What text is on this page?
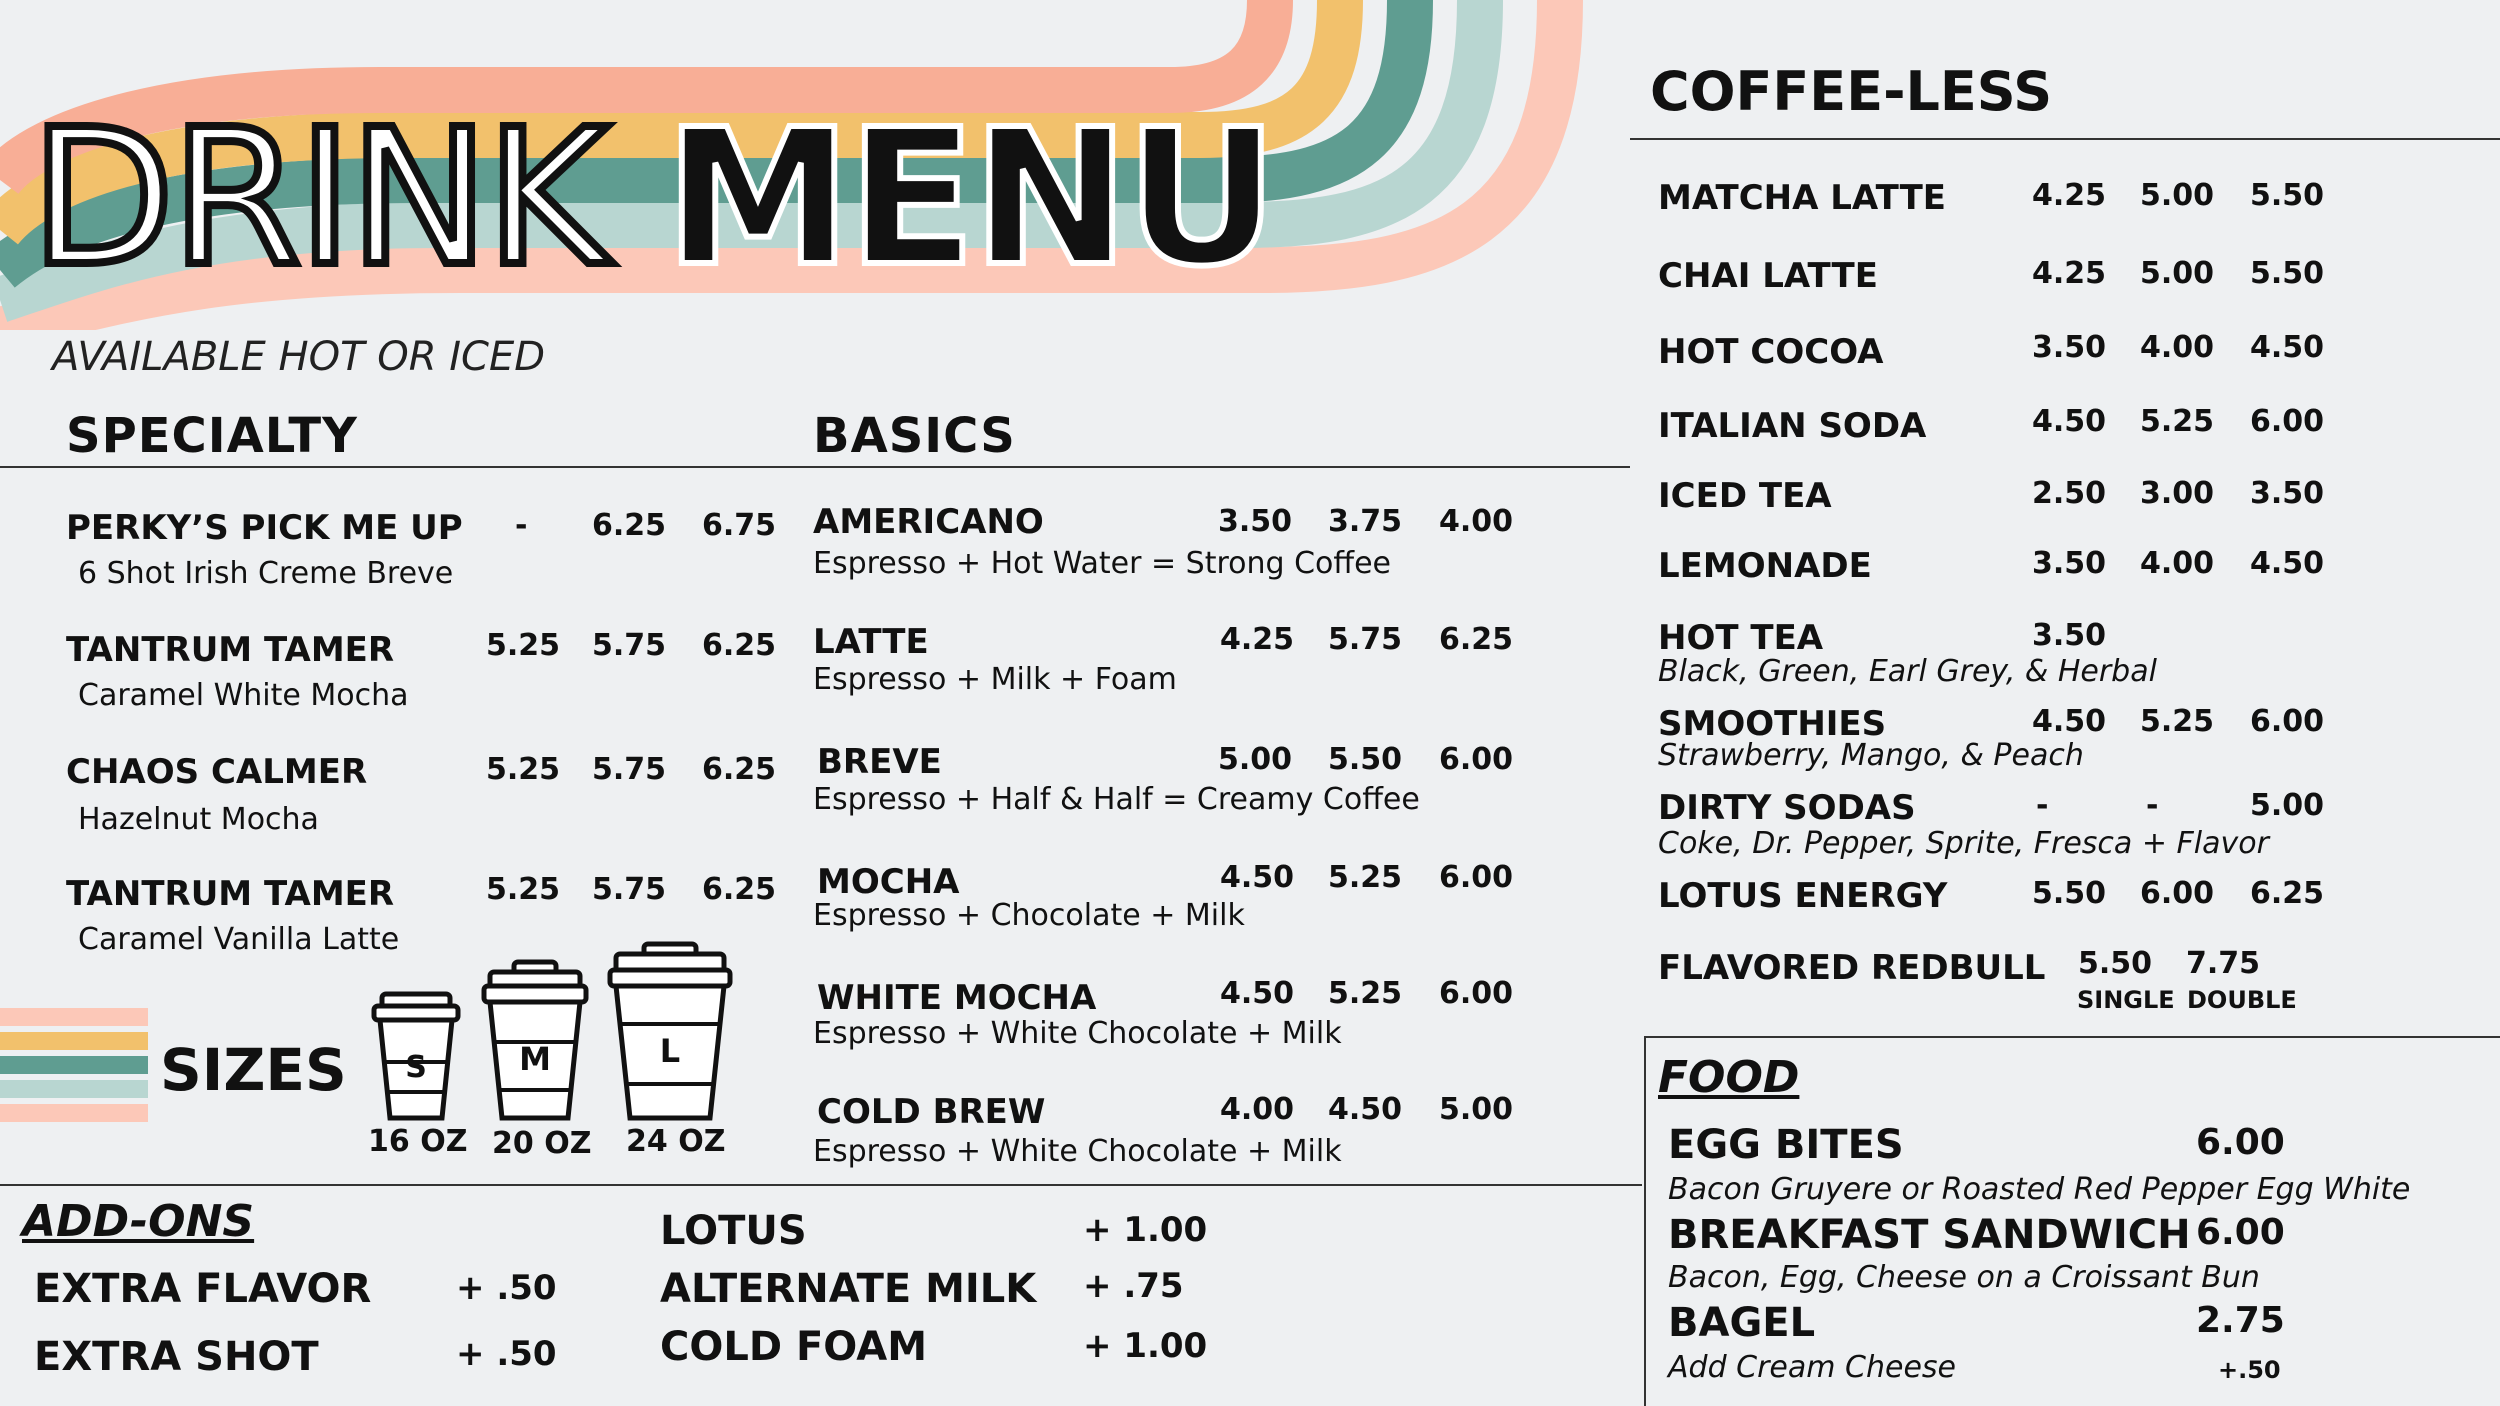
DRINK MENU
AVAILABLE HOT OR ICED
SPECIALTY	BASICS
PERKY’S PICK ME UP - 6.25 6.75
6 Shot Irish Creme Breve
TANTRUM TAMER	5.25 5.75 6.25
Caramel White Mocha
CHAOS CALMER	5.25 5.75 6.25
Hazelnut Mocha
TANTRUM TAMER	5.25 5.75 6.25
Caramel Vanilla Latte
SIZES	S	M	L
16 OZ 20 OZ 24 OZ
AMERICANO	3.50 3.75 4.00
Espresso + Hot Water = Strong Coffee
LATTE	4.25 5.75 6.25
Espresso + Milk + Foam
BREVE	5.00 5.50 6.00
Espresso + Half & Half = Creamy Coffee
MOCHA	4.50 5.25 6.00
Espresso + Chocolate + Milk
WHITE MOCHA	4.50 5.25 6.00
Espresso + White Chocolate + Milk
COLD BREW	4.00 4.50 5.00
Espresso + White Chocolate + Milk
ADD-ONS
EXTRA FLAVOR + .50
EXTRA SHOT	+ .50
LOTUS	+ 1.00
ALTERNATE MILK + .75
COLD FOAM	+ 1.00
COFFEE-LESS
MATCHA LATTE	4.25 5.00 5.50
CHAI LATTE	4.25 5.00 5.50
HOT COCOA	3.50 4.00 4.50
ITALIAN SODA	4.50 5.25 6.00
ICED TEA	2.50 3.00 3.50
LEMONADE	3.50 4.00 4.50
HOT TEA	3.50
Black, Green, Earl Grey, & Herbal
SMOOTHIES	4.50 5.25 6.00
Strawberry, Mango, & Peach
DIRTY SODAS	-	-	5.00
Coke, Dr. Pepper, Sprite, Fresca + Flavor
LOTUS ENERGY	5.50 6.00 6.25
FLAVORED REDBULL 5.50 7.75
SINGLE DOUBLE
FOOD
EGG BITES	6.00
Bacon Gruyere or Roasted Red Pepper Egg White
BREAKFAST SANDWICH 6.00
Bacon, Egg, Cheese on a Croissant Bun
BAGEL	2.75
Add Cream Cheese	+.50
